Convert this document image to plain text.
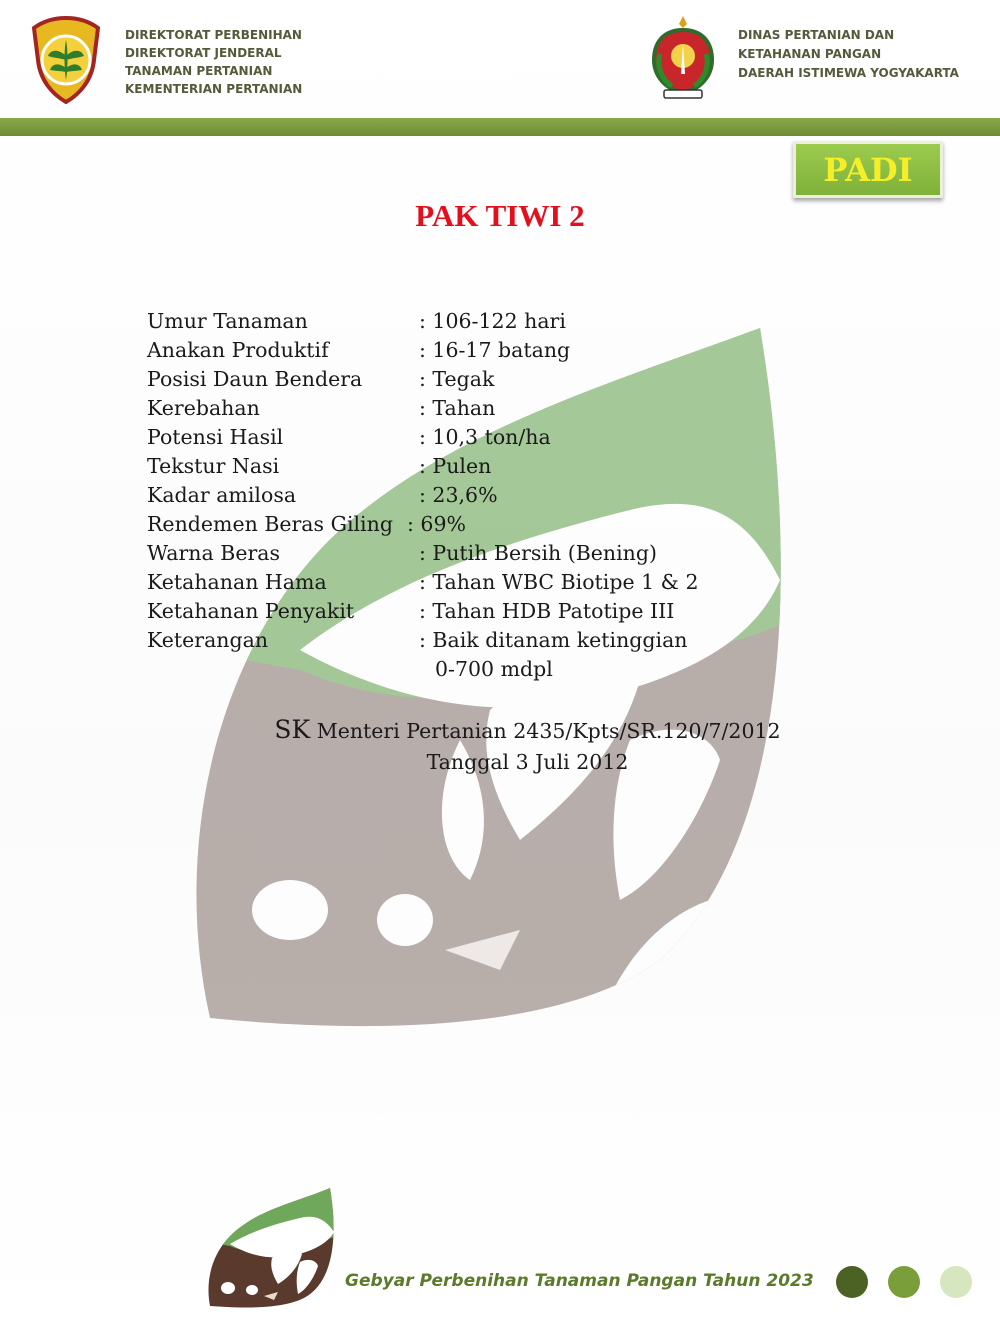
DIREKTORAT PERBENIHAN
DIREKTORAT JENDERAL
TANAMAN PERTANIAN
KEMENTERIAN PERTANIAN
DINAS PERTANIAN DAN
KETAHANAN PANGAN
DAERAH ISTIMEWA YOGYAKARTA
PADI
PAK TIWI 2
Umur Tanaman	: 106-122 hari
Anakan Produktif	: 16-17 batang
Posisi Daun Bendera	: Tegak
Kerebahan	: Tahan
Potensi Hasil	: 10,3 ton/ha
Tekstur Nasi	: Pulen
Kadar amilosa	: 23,6%
Rendemen Beras Giling : 69%
Warna Beras	: Putih Bersih (Bening)
Ketahanan Hama	: Tahan WBC Biotipe 1 & 2
Ketahanan Penyakit	: Tahan HDB Patotipe III
Keterangan	: Baik ditanam ketinggian
0-700 mdpl
SK Menteri Pertanian 2435/Kpts/SR.120/7/2012
Tanggal 3 Juli 2012
Gebyar Perbenihan Tanaman Pangan Tahun 2023
